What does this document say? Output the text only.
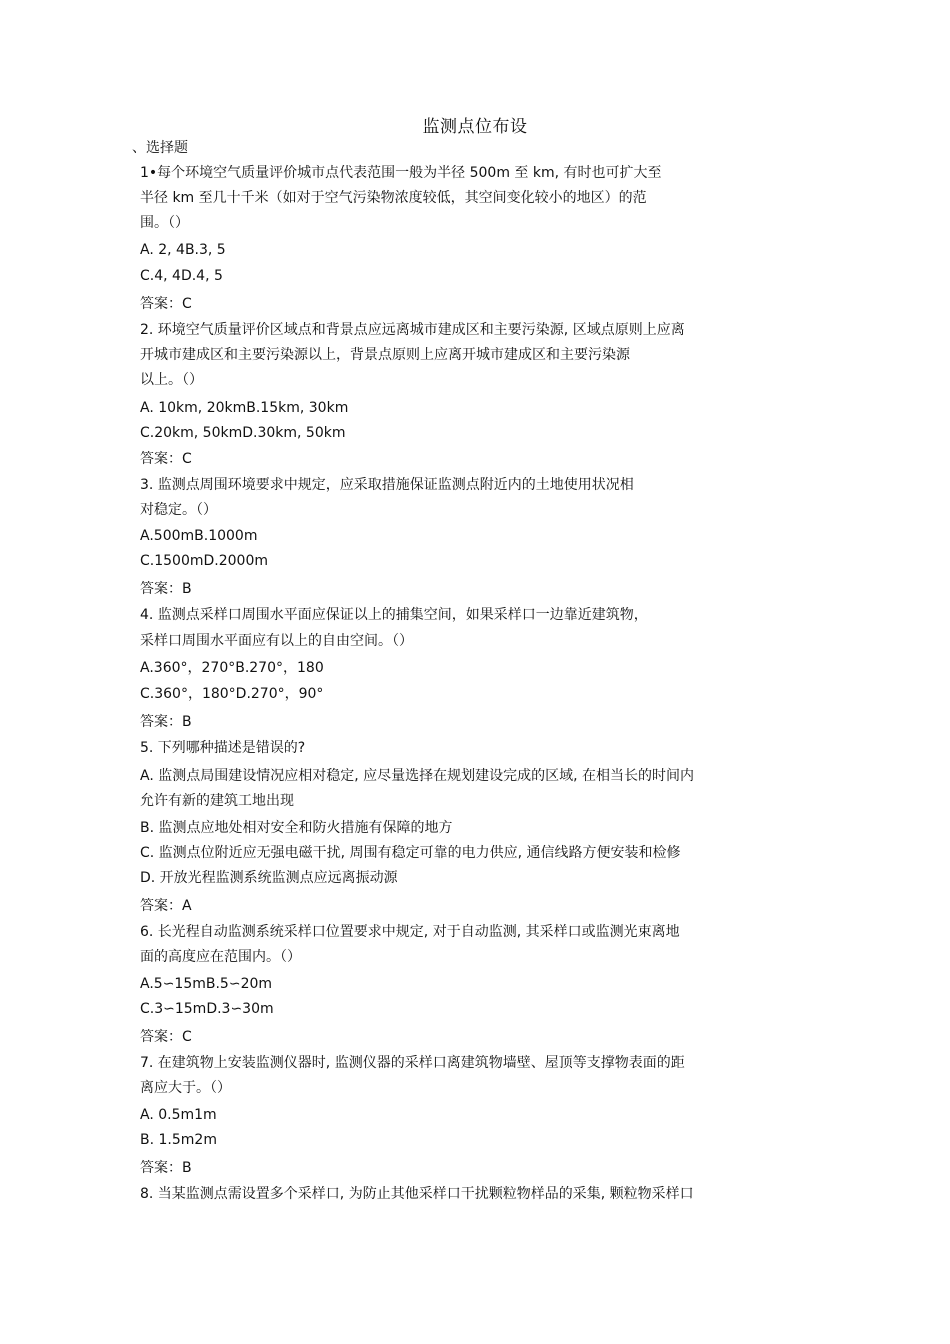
监测点位布设
、选择题
1•每个环境空气质量评价城市点代表范围一般为半径 500m 至 km, 有时也可扩大至
半径 km 至几十千米（如对于空气污染物浓度较低，其空间变化较小的地区）的范
围。（）
A. 2, 4B.3, 5
C.4, 4D.4, 5
答案：C
2. 环境空气质量评价区域点和背景点应远离城市建成区和主要污染源, 区域点原则上应离
开城市建成区和主要污染源以上，背景点原则上应离开城市建成区和主要污染源
以上。（）
A. 10km, 20kmB.15km, 30km
C.20km, 50kmD.30km, 50km
答案：C
3. 监测点周围环境要求中规定，应采取措施保证监测点附近内的土地使用状况相
对稳定。（）
A.500mB.1000m
C.1500mD.2000m
答案：B
4. 监测点采样口周围水平面应保证以上的捕集空间，如果采样口一边靠近建筑物，
采样口周围水平面应有以上的自由空间。（）
A.360°，270°B.270°，180
C.360°，180°D.270°，90°
答案：B
5. 下列哪种描述是错误的?
A. 监测点局围建设情况应相对稳定, 应尽量选择在规划建设完成的区域, 在相当长的时间内
允许有新的建筑工地出现
B. 监测点应地处相对安全和防火措施有保障的地方
C. 监测点位附近应无强电磁干扰, 周围有稳定可靠的电力供应, 通信线路方便安装和检修
D. 开放光程监测系统监测点应远离振动源
答案：A
6. 长光程自动监测系统采样口位置要求中规定, 对于自动监测, 其采样口或监测光束离地
面的高度应在范围内。（）
A.5∽15mB.5∽20m
C.3∽15mD.3∽30m
答案：C
7. 在建筑物上安装监测仪器时, 监测仪器的采样口离建筑物墙壁、屋顶等支撑物表面的距
离应大于。（）
A. 0.5m1m
B. 1.5m2m
答案：B
8. 当某监测点需设置多个采样口, 为防止其他采样口干扰颗粒物样品的采集, 颗粒物采样口
